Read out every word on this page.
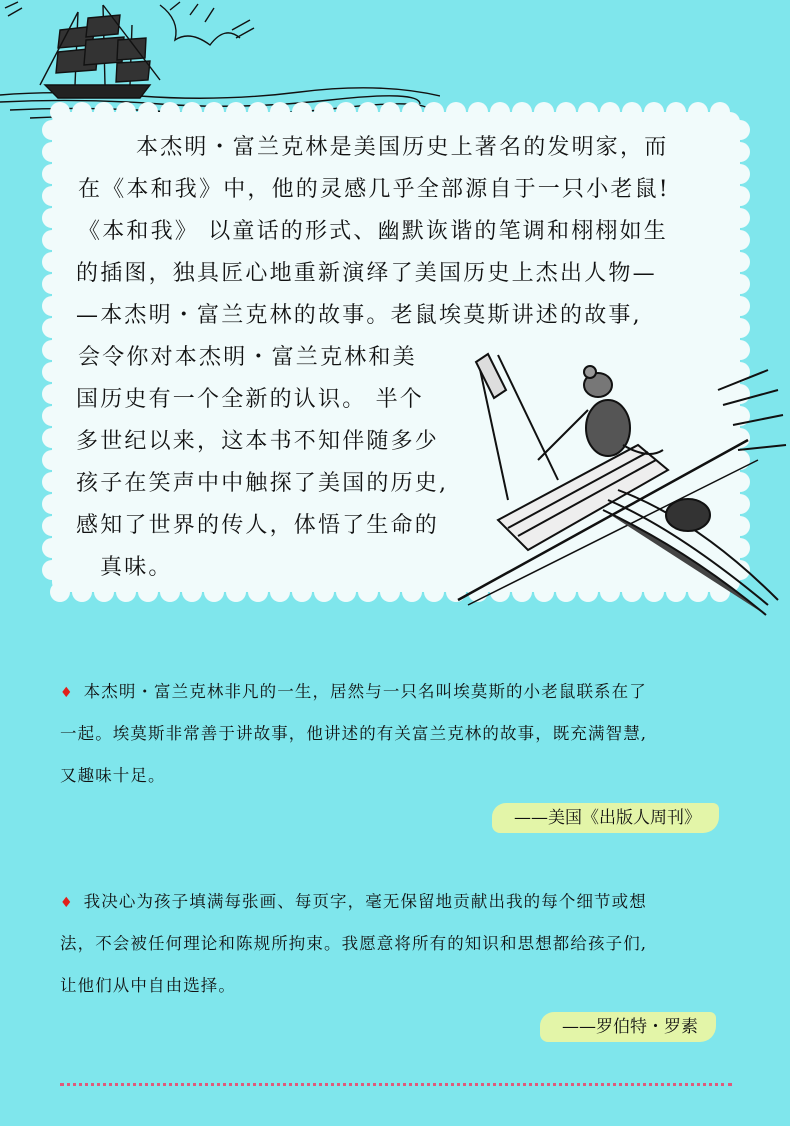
本杰明・富兰克林是美国历史上著名的发明家，而
在《本和我》中，他的灵感几乎全部源自于一只小老鼠!
《本和我》 以童话的形式、幽默诙谐的笔调和栩栩如生
的插图，独具匠心地重新演绎了美国历史上杰出人物—
—本杰明・富兰克林的故事。老鼠埃莫斯讲述的故事,
会令你对本杰明・富兰克林和美
国历史有一个全新的认识。 半个
多世纪以来，这本书不知伴随多少
孩子在笑声中中触探了美国的历史,
感知了世界的传人，体悟了生命的
真味。
♦ 本杰明・富兰克林非凡的一生，居然与一只名叫埃莫斯的小老鼠联系在了
一起。埃莫斯非常善于讲故事，他讲述的有关富兰克林的故事，既充满智慧,
又趣味十足。
——美国《出版人周刊》
♦ 我决心为孩子填满每张画、每页字，毫无保留地贡献出我的每个细节或想
法，不会被任何理论和陈规所拘束。我愿意将所有的知识和思想都给孩子们,
让他们从中自由选择。
——罗伯特・罗素
